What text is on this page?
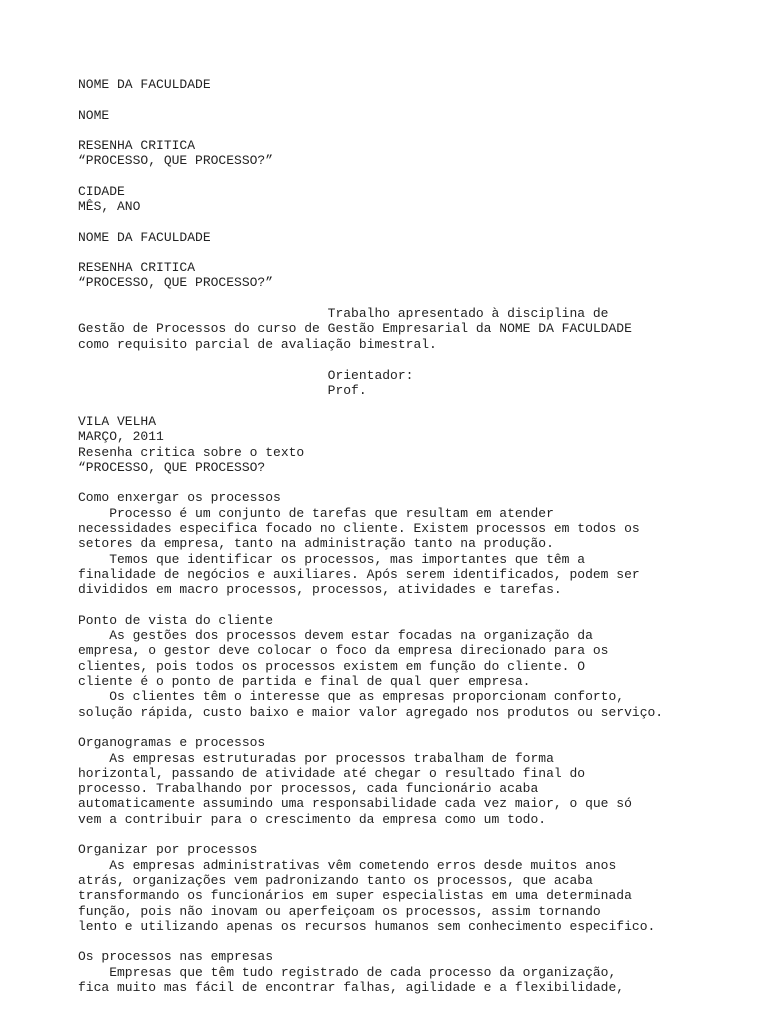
NOME DA FACULDADE

NOME

RESENHA CRITICA
“PROCESSO, QUE PROCESSO?”

CIDADE
MÊS, ANO

NOME DA FACULDADE

RESENHA CRITICA
“PROCESSO, QUE PROCESSO?”

Trabalho apresentado à disciplina de
Gestão de Processos do curso de Gestão Empresarial da NOME DA FACULDADE
como requisito parcial de avaliação bimestral.

Orientador:
Prof.

VILA VELHA
MARÇO, 2011
Resenha critica sobre o texto
“PROCESSO, QUE PROCESSO?
Como enxergar os processos
Processo é um conjunto de tarefas que resultam em atender
necessidades especifica focado no cliente. Existem processos em todos os
setores da empresa, tanto na administração tanto na produção.
Temos que identificar os processos, mas importantes que têm a
finalidade de negócios e auxiliares. Após serem identificados, podem ser
divididos em macro processos, processos, atividades e tarefas.
Ponto de vista do cliente
As gestões dos processos devem estar focadas na organização da
empresa, o gestor deve colocar o foco da empresa direcionado para os
clientes, pois todos os processos existem em função do cliente. O
cliente é o ponto de partida e final de qual quer empresa.
Os clientes têm o interesse que as empresas proporcionam conforto,
solução rápida, custo baixo e maior valor agregado nos produtos ou serviço.
Organogramas e processos
As empresas estruturadas por processos trabalham de forma
horizontal, passando de atividade até chegar o resultado final do
processo. Trabalhando por processos, cada funcionário acaba
automaticamente assumindo uma responsabilidade cada vez maior, o que só
vem a contribuir para o crescimento da empresa como um todo.
Organizar por processos
As empresas administrativas vêm cometendo erros desde muitos anos
atrás, organizações vem padronizando tanto os processos, que acaba
transformando os funcionários em super especialistas em uma determinada
função, pois não inovam ou aperfeiçoam os processos, assim tornando
lento e utilizando apenas os recursos humanos sem conhecimento especifico.
Os processos nas empresas
Empresas que têm tudo registrado de cada processo da organização,
fica muito mas fácil de encontrar falhas, agilidade e a flexibilidade,
